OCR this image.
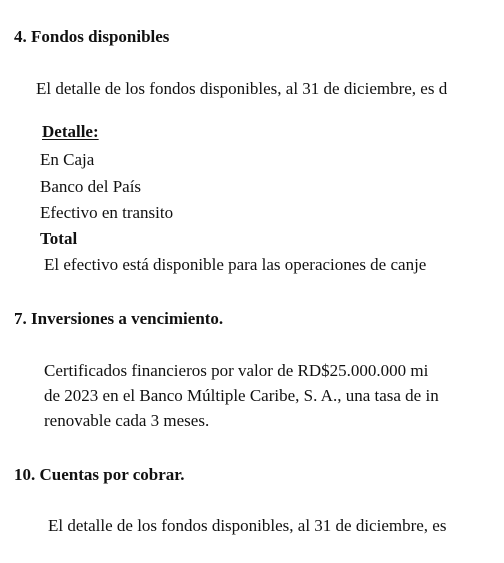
4. Fondos disponibles
El detalle de los fondos disponibles, al 31 de diciembre, es d
Detalle:
En Caja
Banco del País
Efectivo en transito
Total
El efectivo está disponible para las operaciones de canje
7. Inversiones a vencimiento.
Certificados financieros por valor de RD$25.000.000 mi
de 2023 en el Banco Múltiple Caribe, S. A., una tasa de in
renovable cada 3 meses.
10. Cuentas por cobrar.
El detalle de los fondos disponibles, al 31 de diciembre, es
